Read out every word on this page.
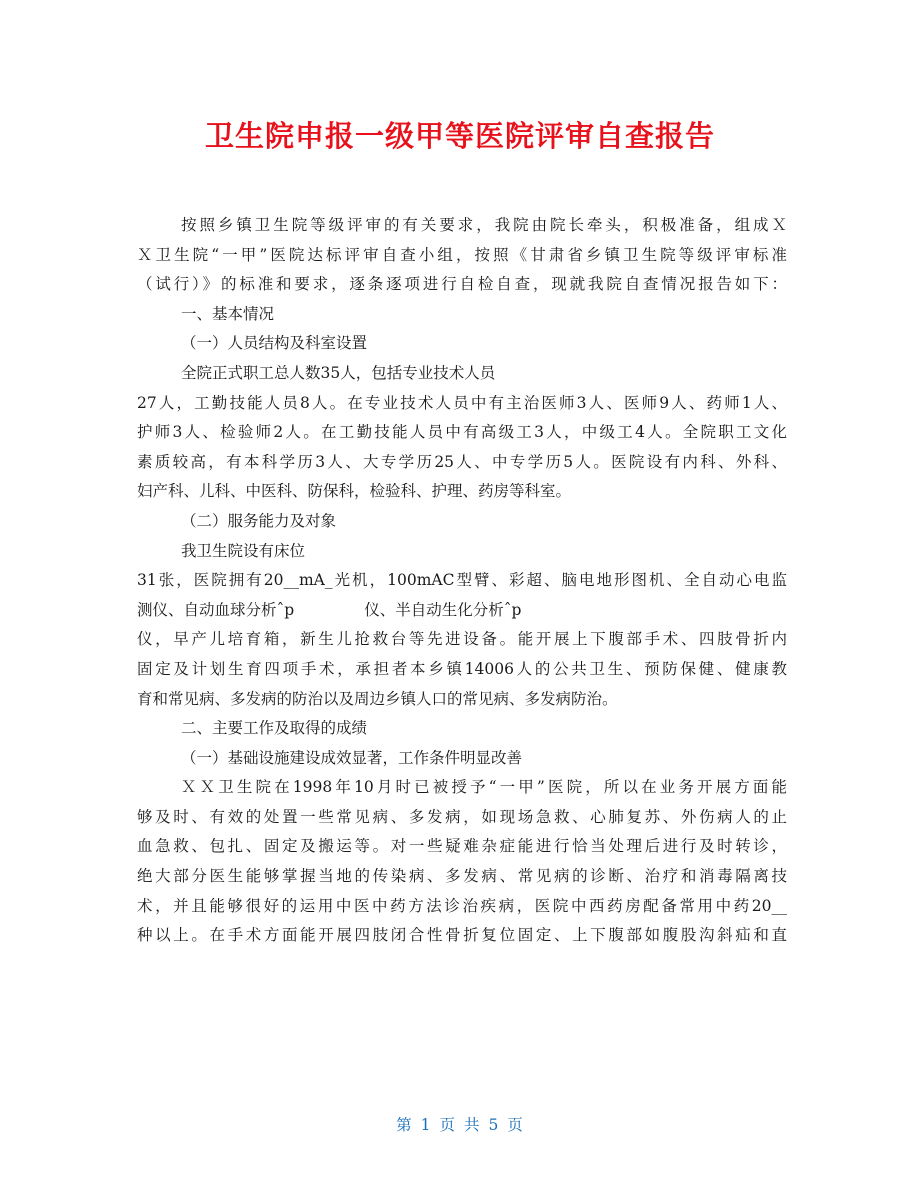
卫生院申报一级甲等医院评审自查报告
按照乡镇卫生院等级评审的有关要求，我院由院长牵头，积极准备，组成Ｘ
Ｘ卫生院“一甲”医院达标评审自查小组，按照《甘肃省乡镇卫生院等级评审标准
（试行）》的标准和要求，逐条逐项进行自检自查，现就我院自查情况报告如下：
一、基本情况
（一）人员结构及科室设置
全院正式职工总人数35人，包括专业技术人员
27人，工勤技能人员8人。在专业技术人员中有主治医师3人、医师9人、药师1人、
护师3人、检验师2人。在工勤技能人员中有高级工3人，中级工4人。全院职工文化
素质较高，有本科学历3人、大专学历25人、中专学历5人。医院设有内科、外科、
妇产科、儿科、中医科、防保科，检验科、护理、药房等科室。
（二）服务能力及对象
我卫生院设有床位
31张，医院拥有20__mA_光机，100mAC型臂、彩超、脑电地形图机、全自动心电监
测仪、自动血球分析ˆp	仪、半自动生化分析ˆp
仪，早产儿培育箱，新生儿抢救台等先进设备。能开展上下腹部手术、四肢骨折内
固定及计划生育四项手术，承担者本乡镇14006人的公共卫生、预防保健、健康教
育和常见病、多发病的防治以及周边乡镇人口的常见病、多发病防治。
二、主要工作及取得的成绩
（一）基础设施建设成效显著，工作条件明显改善
ＸＸ卫生院在1998年10月时已被授予“一甲”医院，所以在业务开展方面能
够及时、有效的处置一些常见病、多发病，如现场急救、心肺复苏、外伤病人的止
血急救、包扎、固定及搬运等。对一些疑难杂症能进行恰当处理后进行及时转诊，
绝大部分医生能够掌握当地的传染病、多发病、常见病的诊断、治疗和消毒隔离技
术，并且能够很好的运用中医中药方法诊治疾病，医院中西药房配备常用中药20__
种以上。在手术方面能开展四肢闭合性骨折复位固定、上下腹部如腹股沟斜疝和直
第 1 页 共 5 页
